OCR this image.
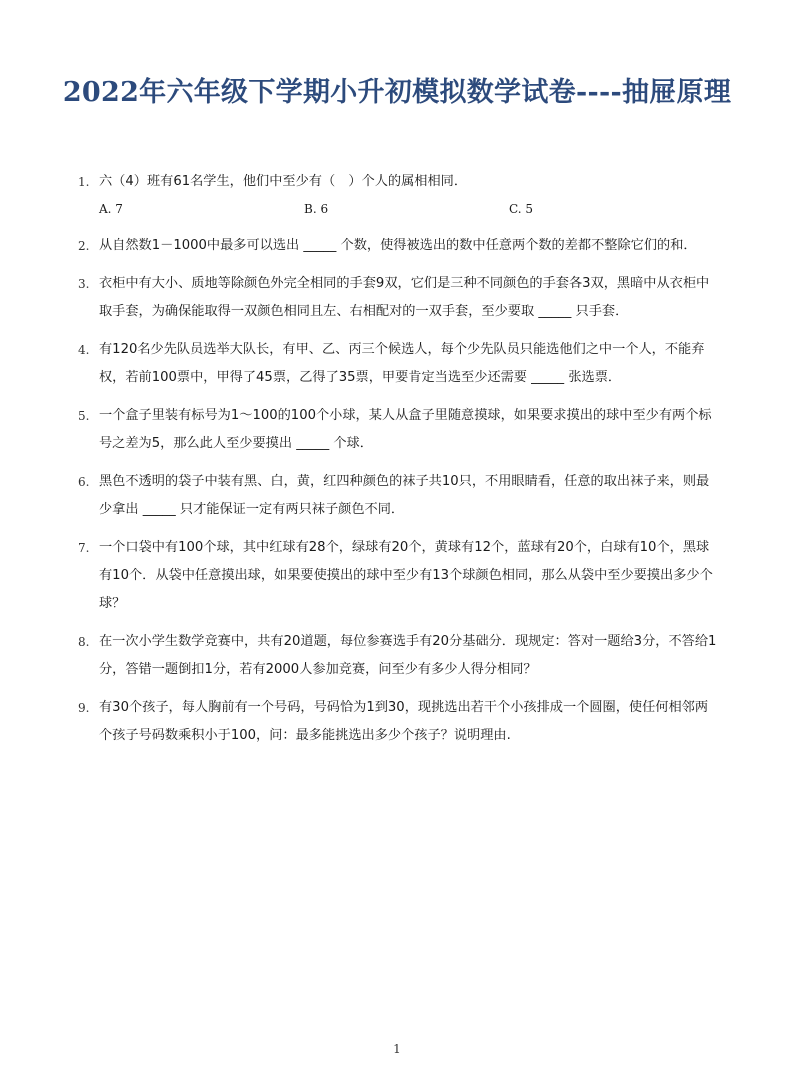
2022年六年级下学期小升初模拟数学试卷----抽屉原理
1. 六（4）班有61名学生，他们中至少有（　）个人的属相相同．
A. 7	B. 6	C. 5
2. 从自然数1－1000中最多可以选出 _____ 个数，使得被选出的数中任意两个数的差都不整除它们的和．
3. 衣柜中有大小、质地等除颜色外完全相同的手套9双，它们是三种不同颜色的手套各3双，黑暗中从衣柜中取手套，为确保能取得一双颜色相同且左、右相配对的一双手套，至少要取 _____ 只手套．
4. 有120名少先队员选举大队长，有甲、乙、丙三个候选人，每个少先队员只能选他们之中一个人，不能弃权，若前100票中，甲得了45票，乙得了35票，甲要肯定当选至少还需要 _____ 张选票．
5. 一个盒子里装有标号为1～100的100个小球，某人从盒子里随意摸球，如果要求摸出的球中至少有两个标号之差为5，那么此人至少要摸出 _____ 个球．
6. 黑色不透明的袋子中装有黑、白，黄，红四种颜色的袜子共10只，不用眼睛看，任意的取出袜子来，则最少拿出 _____ 只才能保证一定有两只袜子颜色不同．
7. 一个口袋中有100个球，其中红球有28个，绿球有20个，黄球有12个，蓝球有20个，白球有10个，黑球有10个．从袋中任意摸出球，如果要使摸出的球中至少有13个球颜色相同，那么从袋中至少要摸出多少个球？
8. 在一次小学生数学竞赛中，共有20道题，每位参赛选手有20分基础分．现规定：答对一题给3分，不答给1分，答错一题倒扣1分，若有2000人参加竞赛，问至少有多少人得分相同？
9. 有30个孩子，每人胸前有一个号码，号码恰为1到30，现挑选出若干个小孩排成一个圆圈，使任何相邻两个孩子号码数乘积小于100，问：最多能挑选出多少个孩子？说明理由.
1
